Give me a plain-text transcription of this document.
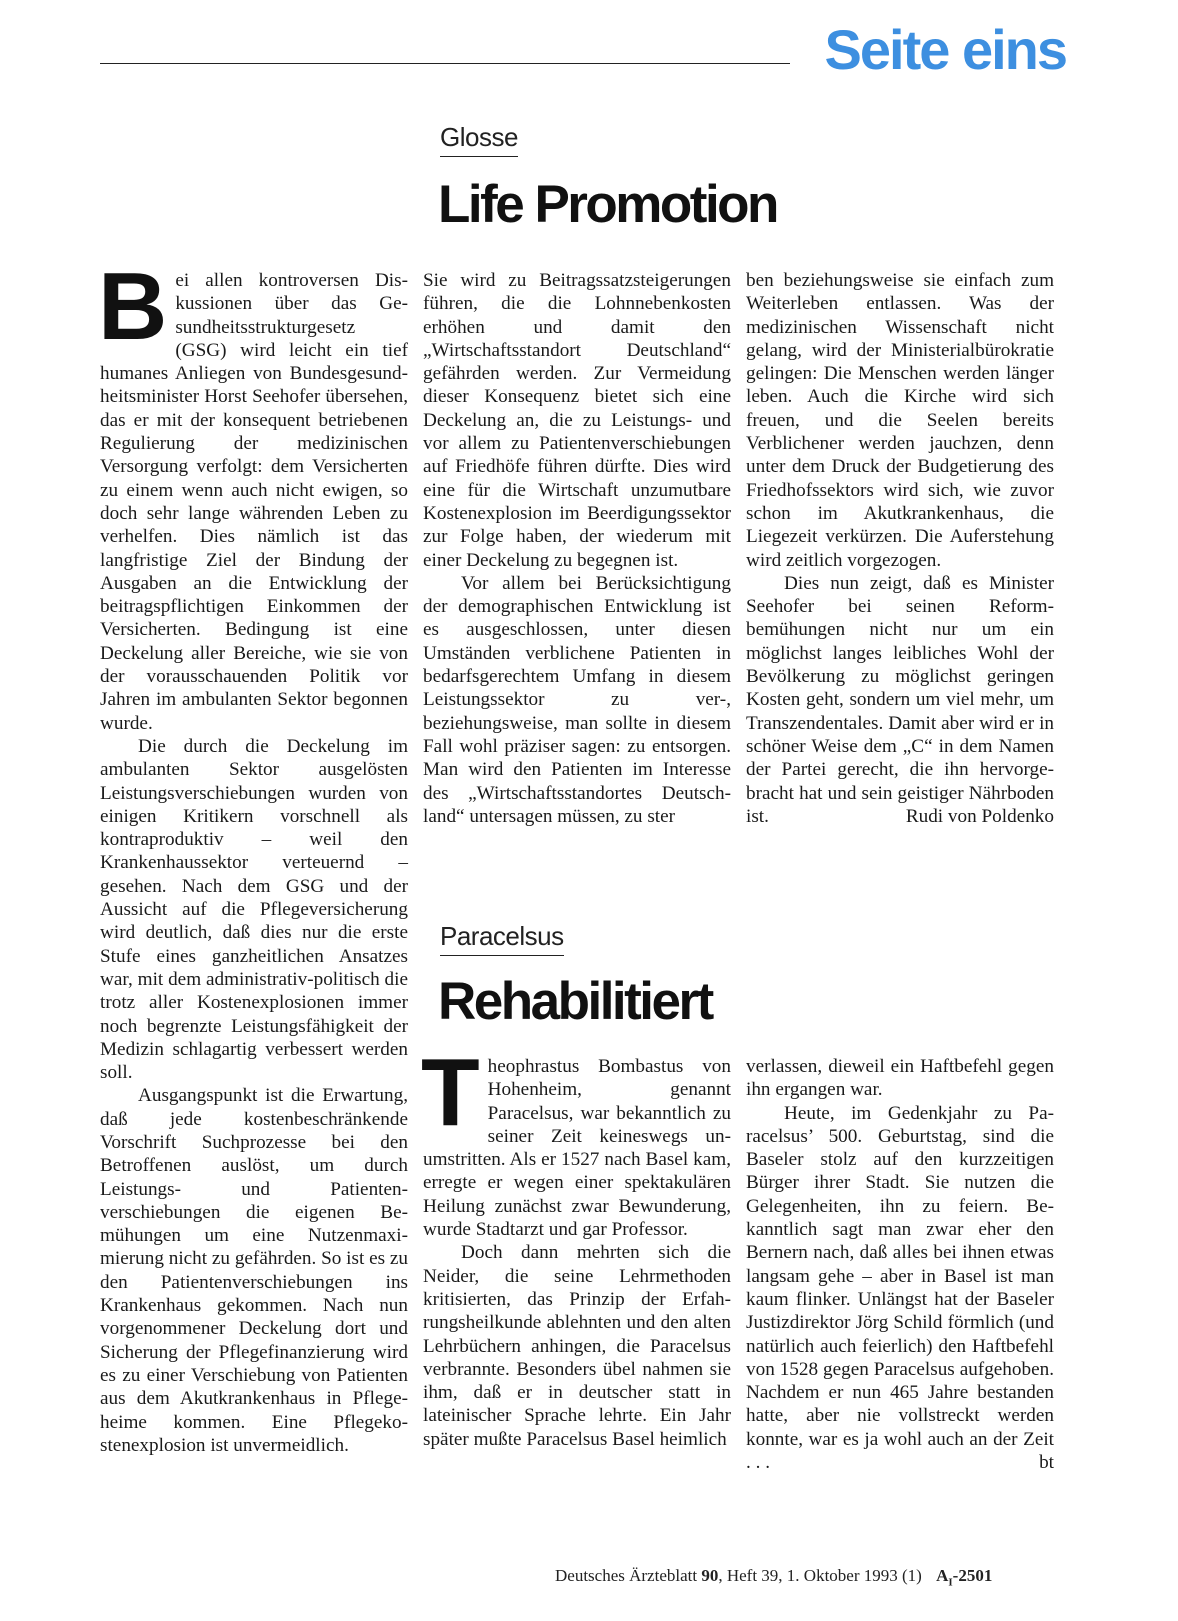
Seite eins
Glosse
Life Promotion
B ei allen kontroversen Diskussionen über das Gesundheitsstrukturgesetz (GSG) wird leicht ein tief humanes Anliegen von Bundesgesundheitsminister Horst Seehofer übersehen, das er mit der konsequent betriebenen Regulierung der medizinischen Versorgung verfolgt: dem Versicherten zu einem wenn auch nicht ewigen, so doch sehr lange währenden Leben zu verhelfen. Dies nämlich ist das langfristige Ziel der Bindung der Ausgaben an die Entwicklung der beitragspflichtigen Einkommen der Versicherten. Bedingung ist eine Deckelung aller Bereiche, wie sie von der vorausschauenden Politik vor Jahren im ambulanten Sektor begonnen wurde.

Die durch die Deckelung im ambulanten Sektor ausgelösten Leistungsverschiebungen wurden von einigen Kritikern vorschnell als kontraproduktiv – weil den Krankenhaussektor verteuernd – gesehen. Nach dem GSG und der Aussicht auf die Pflegeversicherung wird deutlich, daß dies nur die erste Stufe eines ganzheitlichen Ansatzes war, mit dem administrativ-politisch die trotz aller Kostenexplosionen immer noch begrenzte Leistungsfähigkeit der Medizin schlagartig verbessert werden soll.

Ausgangspunkt ist die Erwartung, daß jede kostenbeschränkende Vorschrift Suchprozesse bei den Betroffenen auslöst, um durch Leistungs- und Patientenverschiebungen die eigenen Bemühungen um eine Nutzenmaximierung nicht zu gefährden. So ist es zu den Patientenverschiebungen ins Krankenhaus gekommen. Nach nun vorgenommener Deckelung dort und Sicherung der Pflegefinanzierung wird es zu einer Verschiebung von Patienten aus dem Akutkrankenhaus in Pflegeheime kommen. Eine Pflegekostenexplosion ist unvermeidlich.

Sie wird zu Beitragssatzsteigerungen führen, die die Lohnnebenkosten erhöhen und damit den „Wirtschaftsstandort Deutschland“ gefährden werden. Zur Vermeidung dieser Konsequenz bietet sich eine Deckelung an, die zu Leistungs- und vor allem zu Patientenverschiebungen auf Friedhöfe führen dürfte. Dies wird eine für die Wirtschaft unzumutbare Kostenexplosion im Beerdigungssektor zur Folge haben, der wiederum mit einer Deckelung zu begegnen ist.

Vor allem bei Berücksichtigung der demographischen Entwicklung ist es ausgeschlossen, unter diesen Umständen verblichene Patienten in bedarfsgerechtem Umfang in diesem Leistungssektor zu ver-, beziehungsweise, man sollte in diesem Fall wohl präziser sagen: zu entsorgen. Man wird den Patienten im Interesse des „Wirtschaftsstandortes Deutschland“ untersagen müssen, zu ster

ben beziehungsweise sie einfach zum Weiterleben entlassen. Was der medizinischen Wissenschaft nicht gelang, wird der Ministerialbürokratie gelingen: Die Menschen werden länger leben. Auch die Kirche wird sich freuen, und die Seelen bereits Verblichener werden jauchzen, denn unter dem Druck der Budgetierung des Friedhofssektors wird sich, wie zuvor schon im Akutkrankenhaus, die Liegezeit verkürzen. Die Auferstehung wird zeitlich vorgezogen.

Dies nun zeigt, daß es Minister Seehofer bei seinen Reformbemühungen nicht nur um ein möglichst langes leibliches Wohl der Bevölkerung zu möglichst geringen Kosten geht, sondern um viel mehr, um Transzendentales. Damit aber wird er in schöner Weise dem „C“ in dem Namen der Partei gerecht, die ihn hervorgebracht hat und sein geistiger Nährboden ist.	Rudi von Poldenko

Paracelsus
Rehabilitiert
T heophrastus Bombastus von Hohenheim, genannt Paracelsus, war bekanntlich zu seiner Zeit keineswegs unumstritten. Als er 1527 nach Basel kam, erregte er wegen einer spektakulären Heilung zunächst zwar Bewunderung, wurde Stadtarzt und gar Professor.

Doch dann mehrten sich die Neider, die seine Lehrmethoden kritisierten, das Prinzip der Erfahrungsheilkunde ablehnten und den alten Lehrbüchern anhingen, die Paracelsus verbrannte. Besonders übel nahmen sie ihm, daß er in deutscher statt in lateinischer Sprache lehrte. Ein Jahr später mußte Paracelsus Basel heimlich

verlassen, dieweil ein Haftbefehl gegen ihn ergangen war.

Heute, im Gedenkjahr zu Paracelsus’ 500. Geburtstag, sind die Baseler stolz auf den kurzzeitigen Bürger ihrer Stadt. Sie nutzen die Gelegenheiten, ihn zu feiern. Bekanntlich sagt man zwar eher den Bernern nach, daß alles bei ihnen etwas langsam gehe – aber in Basel ist man kaum flinker. Unlängst hat der Baseler Justizdirektor Jörg Schild förmlich (und natürlich auch feierlich) den Haftbefehl von 1528 gegen Paracelsus aufgehoben. Nachdem er nun 465 Jahre bestanden hatte, aber nie vollstreckt werden konnte, war es ja wohl auch an der Zeit . . .	bt

Deutsches Ärzteblatt 90, Heft 39, 1. Oktober 1993 (1) $A_I-2501$
